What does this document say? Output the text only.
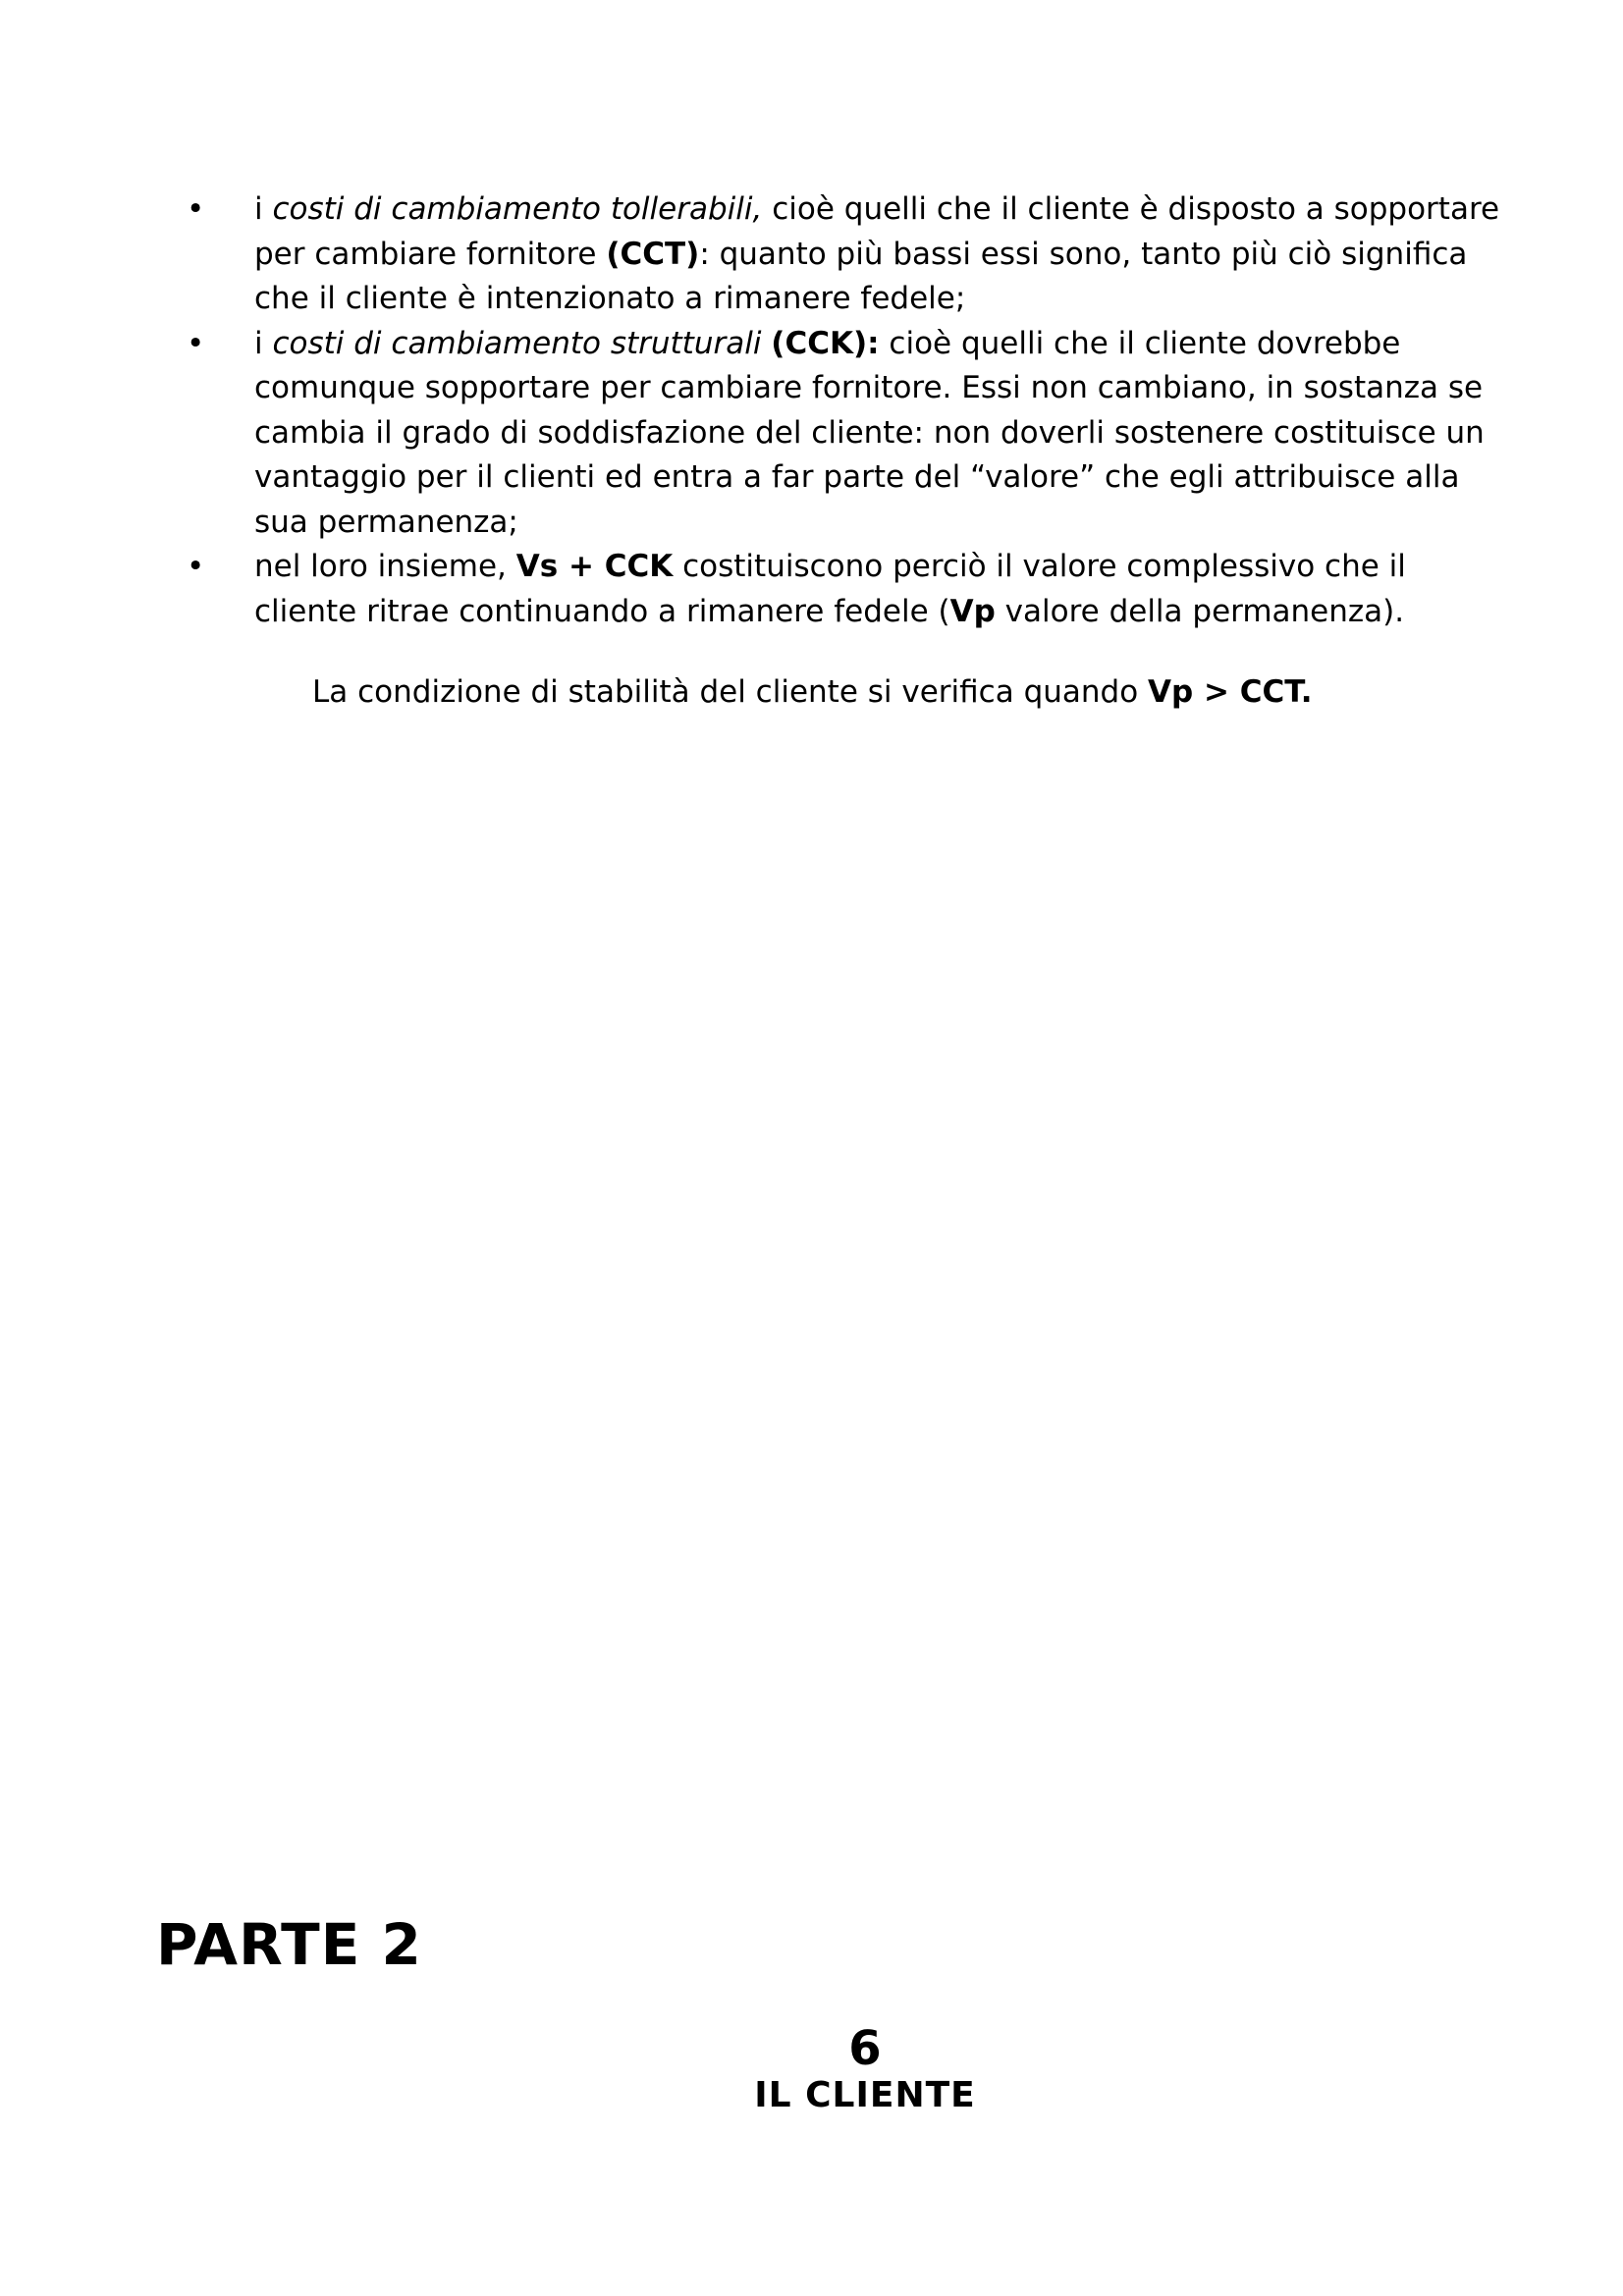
•	i costi di cambiamento tollerabili, cioè quelli che il cliente è disposto a sopportare per cambiare fornitore (CCT): quanto più bassi essi sono, tanto più ciò significa che il cliente è intenzionato a rimanere fedele;
•	i costi di cambiamento strutturali (CCK): cioè quelli che il cliente dovrebbe comunque sopportare per cambiare fornitore. Essi non cambiano, in sostanza se cambia il grado di soddisfazione del cliente: non doverli sostenere costituisce un vantaggio per il clienti ed entra a far parte del “valore” che egli attribuisce alla sua permanenza;
•	nel loro insieme, Vs + CCK costituiscono perciò il valore complessivo che il cliente ritrae continuando a rimanere fedele (Vp valore della permanenza).

La condizione di stabilità del cliente si verifica quando Vp > CCT.

PARTE 2
6
IL CLIENTE
